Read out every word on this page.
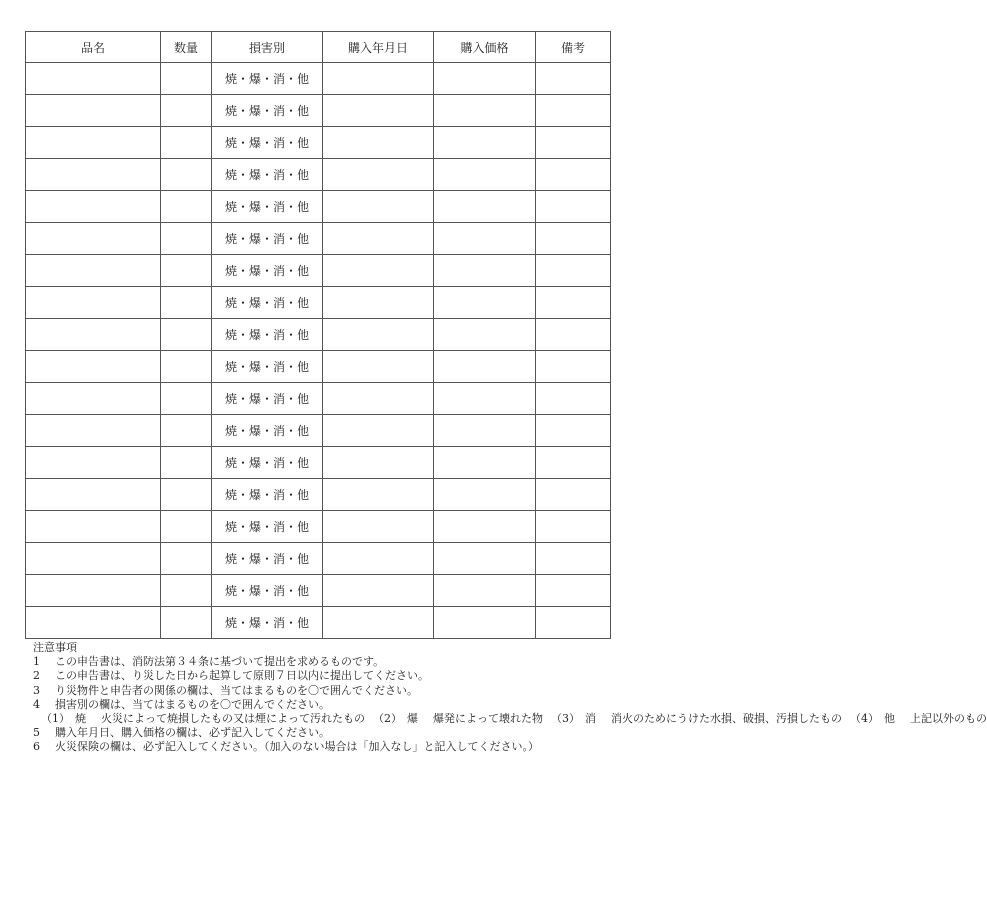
品名	数量	損害別	購入年月日	購入価格	備考
		焼・爆・消・他			
		焼・爆・消・他			
		焼・爆・消・他			
		焼・爆・消・他			
		焼・爆・消・他			
		焼・爆・消・他			
		焼・爆・消・他			
		焼・爆・消・他			
		焼・爆・消・他			
		焼・爆・消・他			
		焼・爆・消・他			
		焼・爆・消・他			
		焼・爆・消・他			
		焼・爆・消・他			
		焼・爆・消・他			
		焼・爆・消・他			
		焼・爆・消・他			
		焼・爆・消・他			
注意事項
1 この申告書は、消防法第３４条に基づいて提出を求めるものです。
2 この申告書は、り災した日から起算して原則７日以内に提出してください。
3 り災物件と申告者の関係の欄は、当てはまるものを〇で囲んでください。
4 損害別の欄は、当てはまるものを〇で囲んでください。
（1） 焼 火災によって焼損したもの又は煙によって汚れたもの （2） 爆 爆発によって壊れた物 （3） 消 消火のためにうけた水損、破損、汚損したもの （4） 他 上記以外のもの
5 購入年月日、購入価格の欄は、必ず記入してください。
6 火災保険の欄は、必ず記入してください。（加入のない場合は「加入なし」と記入してください。）
